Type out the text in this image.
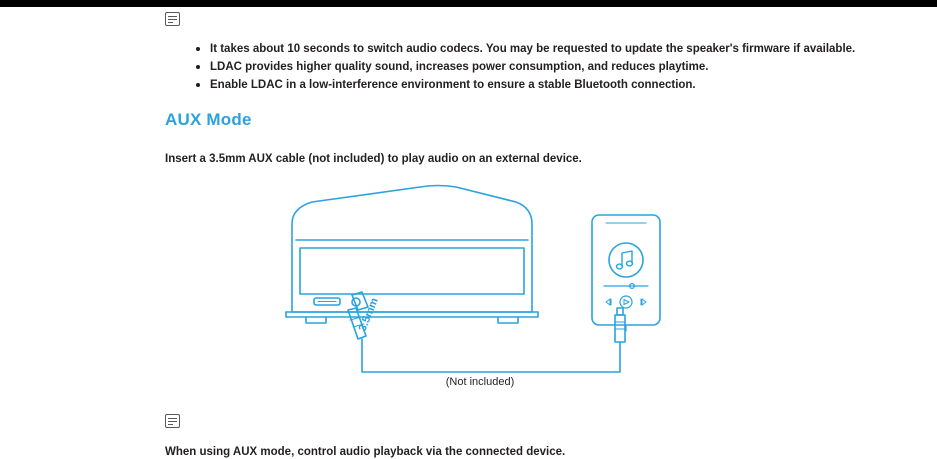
It takes about 10 seconds to switch audio codecs. You may be requested to update the speaker's firmware if available.
LDAC provides higher quality sound, increases power consumption, and reduces playtime.
Enable LDAC in a low-interference environment to ensure a stable Bluetooth connection.
AUX Mode
Insert a 3.5mm AUX cable (not included) to play audio on an external device.
3.5mm
(Not included)
When using AUX mode, control audio playback via the connected device.
